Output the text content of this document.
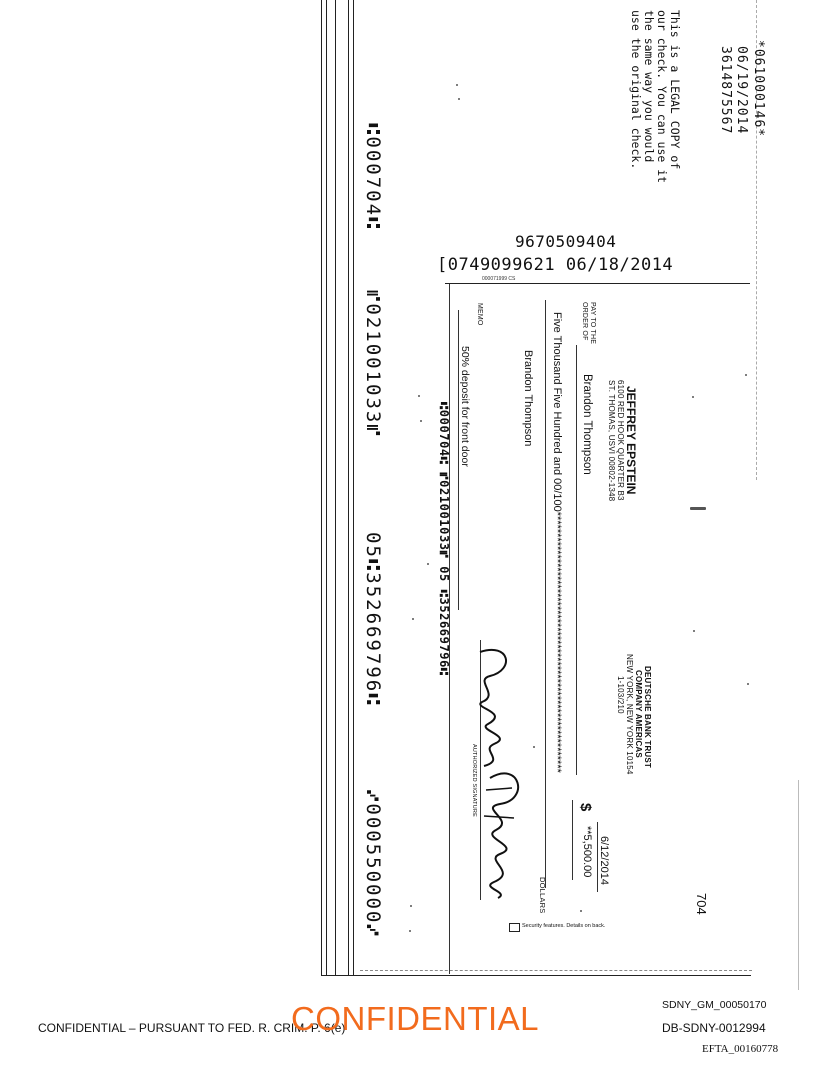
*061000146*
06/19/2014
3614875567
This is a LEGAL COPY of
our check. You can use it
the same way you would
use the original check.
9670509404
[0749099621 06/18/2014
000071999 CS
JEFFREY EPSTEIN
6100 RED HOOK QUARTER B3
ST. THOMAS, USVI 00802-1348
DEUTSCHE BANK TRUST
COMPANY AMERICAS
NEW YORK, NEW YORK 10154
1-103/210
704
6/12/2014
PAY TO THE
ORDER OF
Brandon Thompson
$
**5,500.00
Five Thousand Five Hundred and 00/100*************************************************************
DOLLARS
Brandon Thompson
MEMO
50% deposit for front door
AUTHORIZED SIGNATURE
⑆000704⑆ ⑈021001033⑈ 05 ⑆352669796⑆
Security features. Details on back.
⑆000704⑆
⑈021001033⑈
05⑆352669796⑆
⑇000550000⑇
CONFIDENTIAL – PURSUANT TO FED. R. CRIM. P. 6(e)
CONFIDENTIAL	SDNY_GM_00050170
DB-SDNY-0012994
EFTA_00160778
